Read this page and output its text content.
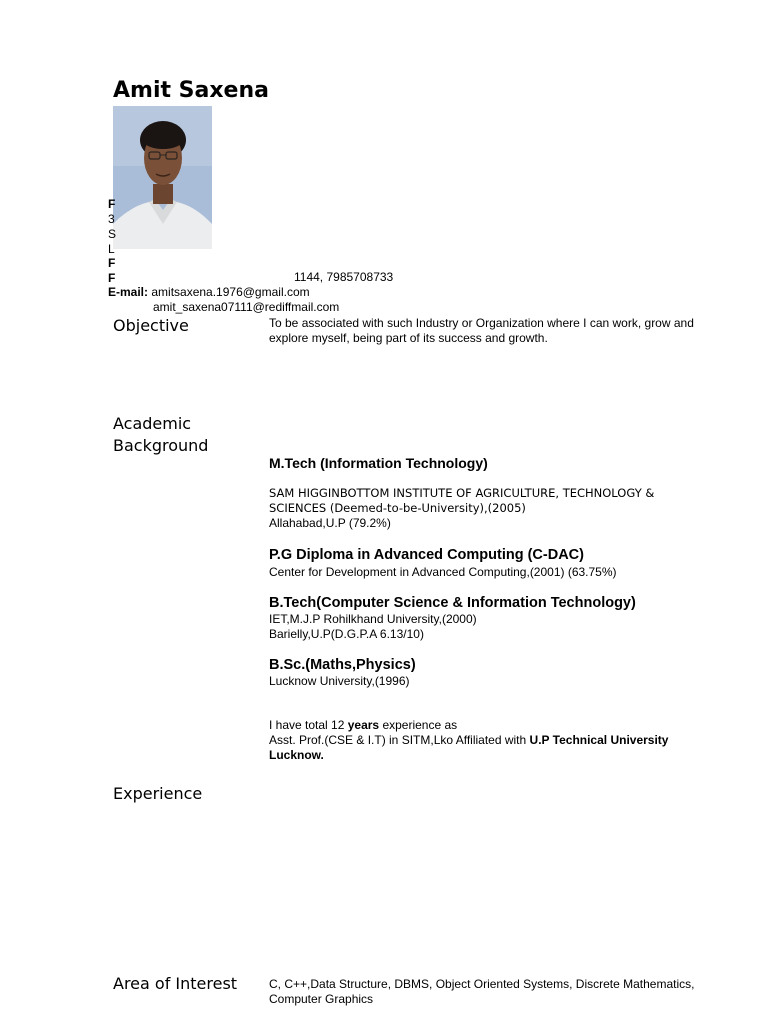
Amit Saxena
F
3
S
L
F
F	1144, 7985708733
E-mail: amitsaxena.1976@gmail.com
amit_saxena07111@rediffmail.com
Objective	To be associated with such Industry or Organization where I can work, grow and explore myself, being part of its success and growth.
Academic
Background
M.Tech (Information Technology)
SAM HIGGINBOTTOM INSTITUTE OF AGRICULTURE, TECHNOLOGY &
SCIENCES (Deemed-to-be-University),(2005)
Allahabad,U.P (79.2%)
P.G Diploma in Advanced Computing (C-DAC)
Center for Development in Advanced Computing,(2001) (63.75%)
B.Tech(Computer Science & Information Technology)
IET,M.J.P Rohilkhand University,(2000)
Barielly,U.P(D.G.P.A 6.13/10)
B.Sc.(Maths,Physics)
Lucknow University,(1996)
I have total 12 years experience as
Asst. Prof.(CSE & I.T) in SITM,Lko Affiliated with U.P Technical University Lucknow.
Experience
Area of Interest	C, C++,Data Structure, DBMS, Object Oriented Systems, Discrete Mathematics, Computer Graphics
